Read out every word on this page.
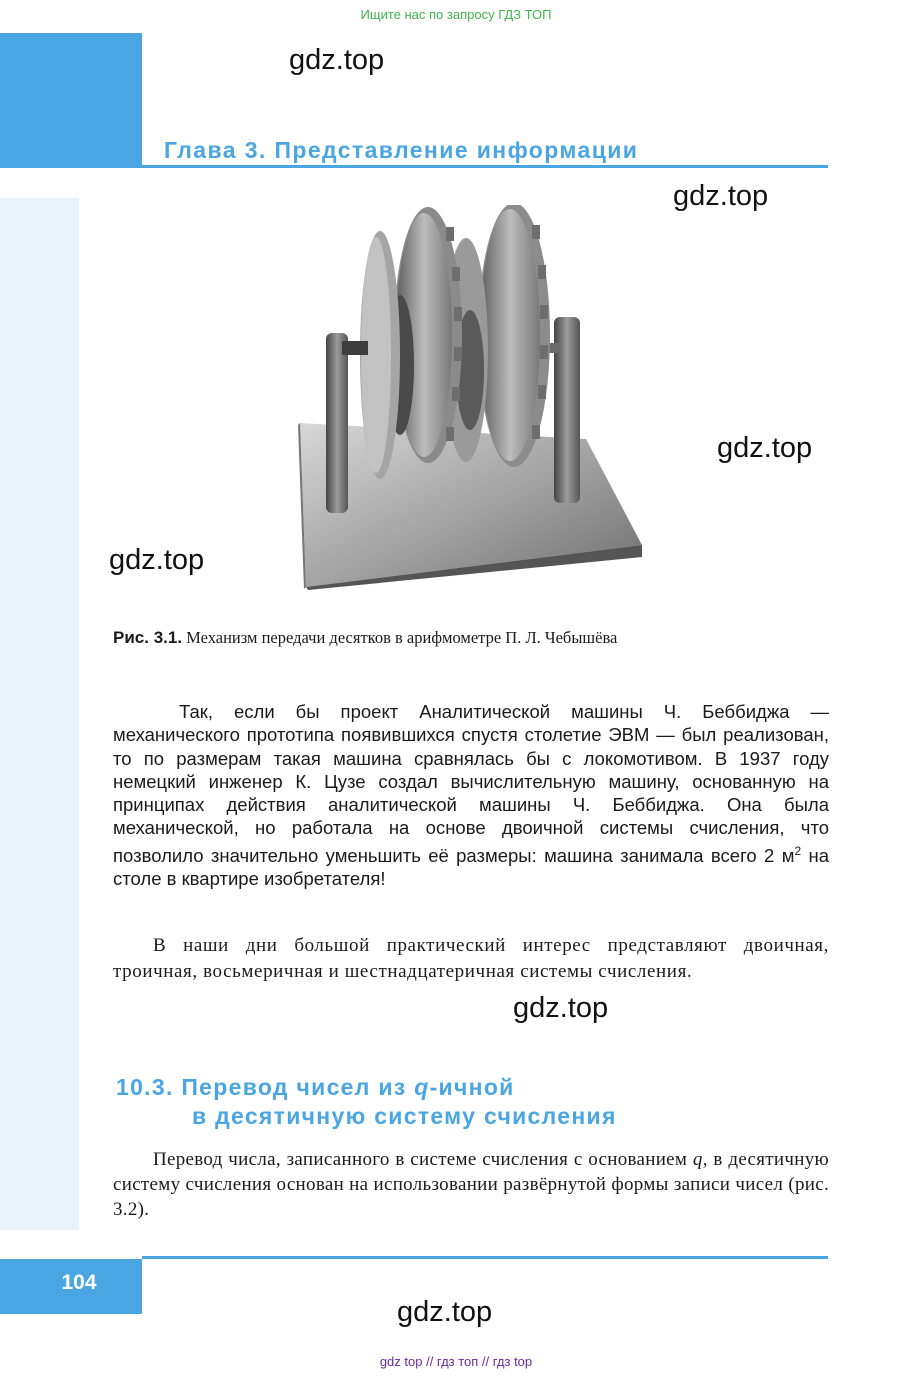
Ищите нас по запросу ГДЗ ТОП
gdz.top
Глава 3. Представление информации
gdz.top
gdz.top
gdz.top
Рис. 3.1. Механизм передачи десятков в арифмометре П. Л. Чебышёва
Так, если бы проект Аналитической машины Ч. Беббиджа — механического прототипа появившихся спустя столетие ЭВМ — был реализован, то по размерам такая машина сравнялась бы с локомотивом. В 1937 году немецкий инженер К. Цузе создал вычислительную машину, основанную на принципах действия аналитической машины Ч. Беббиджа. Она была механической, но работала на основе двоичной системы счисления, что позволило значительно уменьшить её размеры: машина занимала всего 2 $м^2$ на столе в квартире изобретателя!
В наши дни большой практический интерес представляют двоичная, троичная, восьмеричная и шестнадцатеричная системы счисления.
gdz.top
10.3. Перевод чисел из q-ичной
в десятичную систему счисления
Перевод числа, записанного в системе счисления с основанием q, в десятичную систему счисления основан на использовании развёрнутой формы записи чисел (рис. 3.2).
104
gdz.top
gdz top // гдз топ // гдз top
